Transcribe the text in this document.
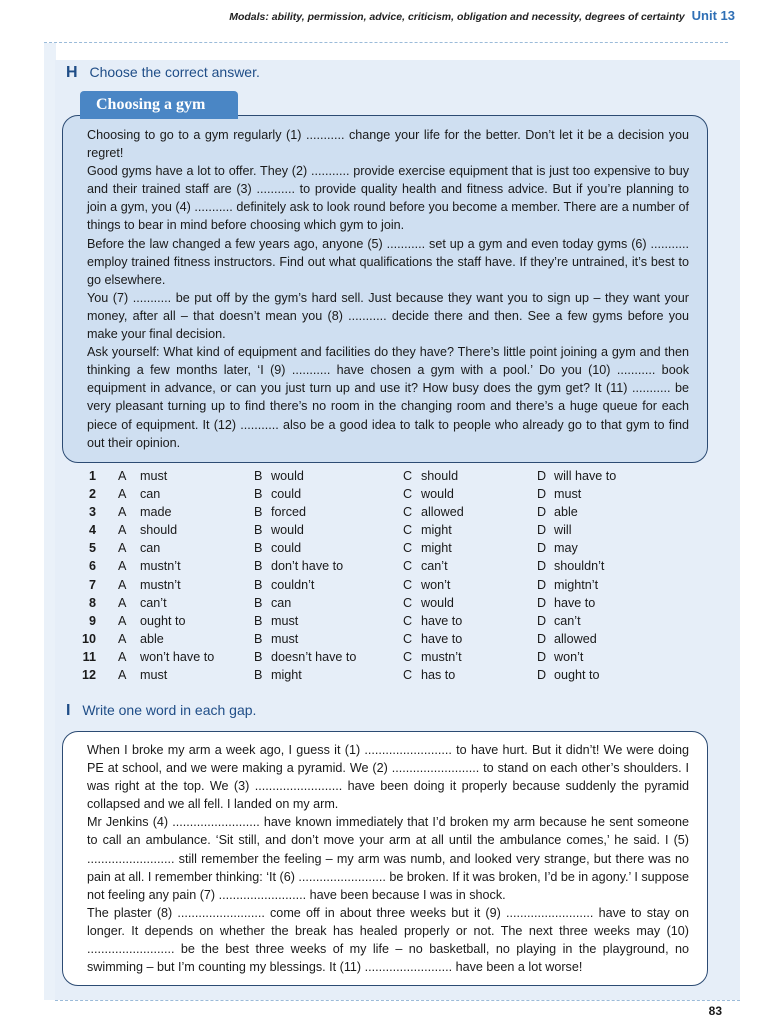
Modals: ability, permission, advice, criticism, obligation and necessity, degrees of certainty Unit 13
H Choose the correct answer.

Choosing to go to a gym regularly (1) ........... change your life for the better. Don’t let it be a decision you regret!

Good gyms have a lot to offer. They (2) ........... provide exercise equipment that is just too expensive to buy and their trained staff are (3) ........... to provide quality health and fitness advice. But if you’re planning to join a gym, you (4) ........... definitely ask to look round before you become a member. There are a number of things to bear in mind before choosing which gym to join.

Before the law changed a few years ago, anyone (5) ........... set up a gym and even today gyms (6) ........... employ trained fitness instructors. Find out what qualifications the staff have. If they’re untrained, it’s best to go elsewhere.

You (7) ........... be put off by the gym’s hard sell. Just because they want you to sign up – they want your money, after all – that doesn’t mean you (8) ........... decide there and then. See a few gyms before you make your final decision.

Ask yourself: What kind of equipment and facilities do they have? There’s little point joining a gym and then thinking a few months later, ‘I (9) ........... have chosen a gym with a pool.’ Do you (10) ........... book equipment in advance, or can you just turn up and use it? How busy does the gym get? It (11) ........... be very pleasant turning up to find there’s no room in the changing room and there’s a huge queue for each piece of equipment. It (12) ........... also be a good idea to talk to people who already go to that gym to find out their opinion.

Choosing a gym
1 A must	B would	C should	D will have to
2 A can	B could	C would	D must
3 A made	B forced	C allowed	D able
4 A should	B would	C might	D will
5 A can	B could	C might	D may
6 A mustn’t	B don’t have to	C can’t	D shouldn’t
7 A mustn’t	B couldn’t	C won’t	D mightn’t
8 A can’t	B can	C would	D have to
9 A ought to	B must	C have to	D can’t
10 A able	B must	C have to	D allowed
11 A won’t have to	B doesn’t have to	C mustn’t	D won’t
12 A must	B might	C has to	D ought to
I Write one word in each gap.

When I broke my arm a week ago, I guess it (1) ......................... to have hurt. But it didn’t! We were doing PE at school, and we were making a pyramid. We (2) ......................... to stand on each other’s shoulders. I was right at the top. We (3) ......................... have been doing it properly because suddenly the pyramid collapsed and we all fell. I landed on my arm.

Mr Jenkins (4) ......................... have known immediately that I’d broken my arm because he sent someone to call an ambulance. ‘Sit still, and don’t move your arm at all until the ambulance comes,’ he said. I (5) ......................... still remember the feeling – my arm was numb, and looked very strange, but there was no pain at all. I remember thinking: ‘It (6) ......................... be broken. If it was broken, I’d be in agony.’ I suppose not feeling any pain (7) ......................... have been because I was in shock.

The plaster (8) ......................... come off in about three weeks but it (9) ......................... have to stay on longer. It depends on whether the break has healed properly or not. The next three weeks may (10) ......................... be the best three weeks of my life – no basketball, no playing in the playground, no swimming – but I’m counting my blessings. It (11) ......................... have been a lot worse!

83
